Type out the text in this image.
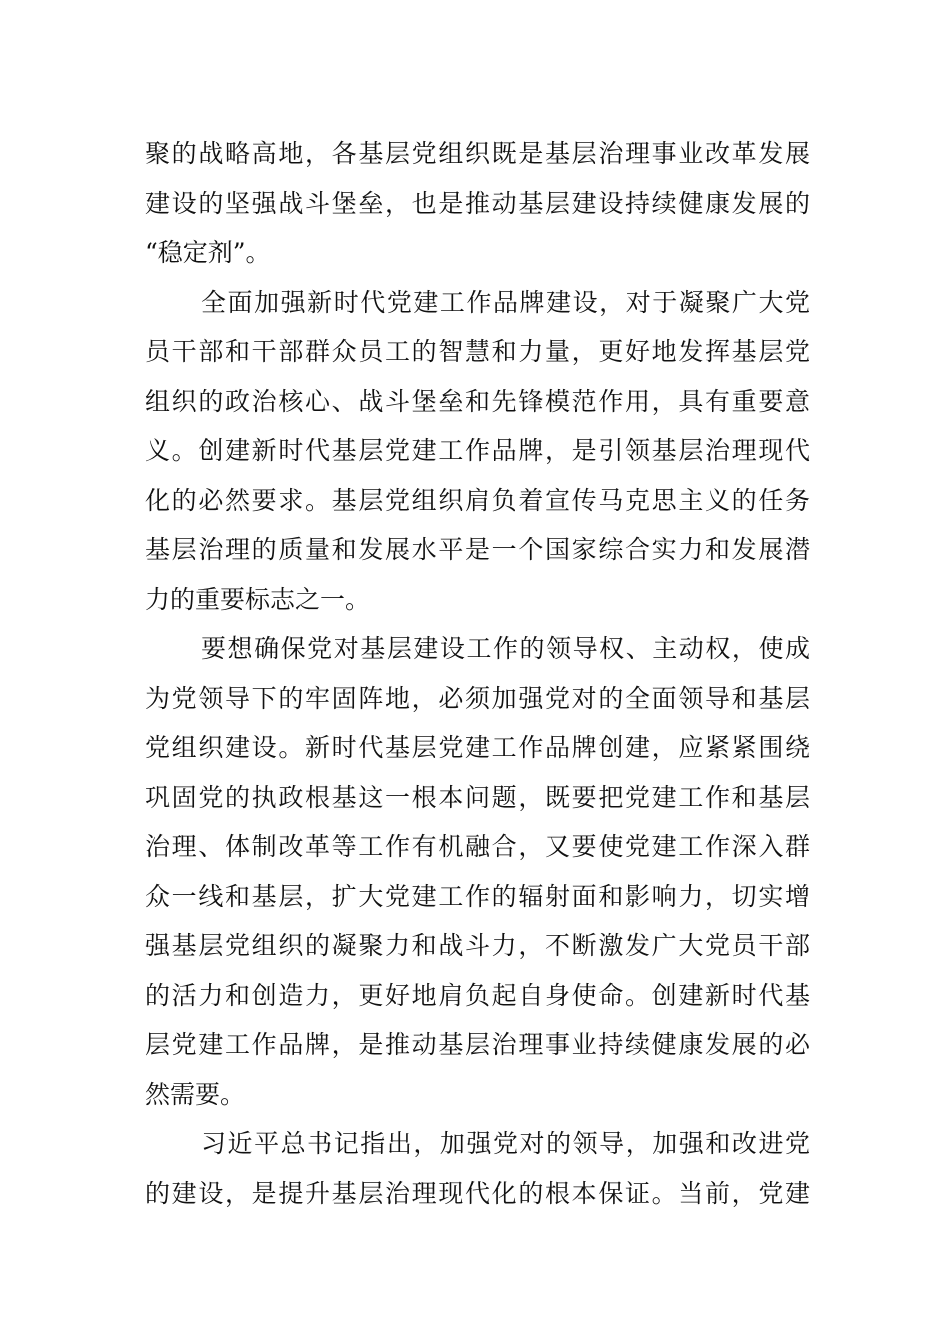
聚的战略高地，各基层党组织既是基层治理事业改革发展
建设的坚强战斗堡垒，也是推动基层建设持续健康发展的
“稳定剂”。
全面加强新时代党建工作品牌建设，对于凝聚广大党
员干部和干部群众员工的智慧和力量，更好地发挥基层党
组织的政治核心、战斗堡垒和先锋模范作用，具有重要意
义。创建新时代基层党建工作品牌，是引领基层治理现代
化的必然要求。基层党组织肩负着宣传马克思主义的任务
基层治理的质量和发展水平是一个国家综合实力和发展潜
力的重要标志之一。
要想确保党对基层建设工作的领导权、主动权，使成
为党领导下的牢固阵地，必须加强党对的全面领导和基层
党组织建设。新时代基层党建工作品牌创建，应紧紧围绕
巩固党的执政根基这一根本问题，既要把党建工作和基层
治理、体制改革等工作有机融合，又要使党建工作深入群
众一线和基层，扩大党建工作的辐射面和影响力，切实增
强基层党组织的凝聚力和战斗力，不断激发广大党员干部
的活力和创造力，更好地肩负起自身使命。创建新时代基
层党建工作品牌，是推动基层治理事业持续健康发展的必
然需要。
习近平总书记指出，加强党对的领导，加强和改进党
的建设，是提升基层治理现代化的根本保证。当前，党建
